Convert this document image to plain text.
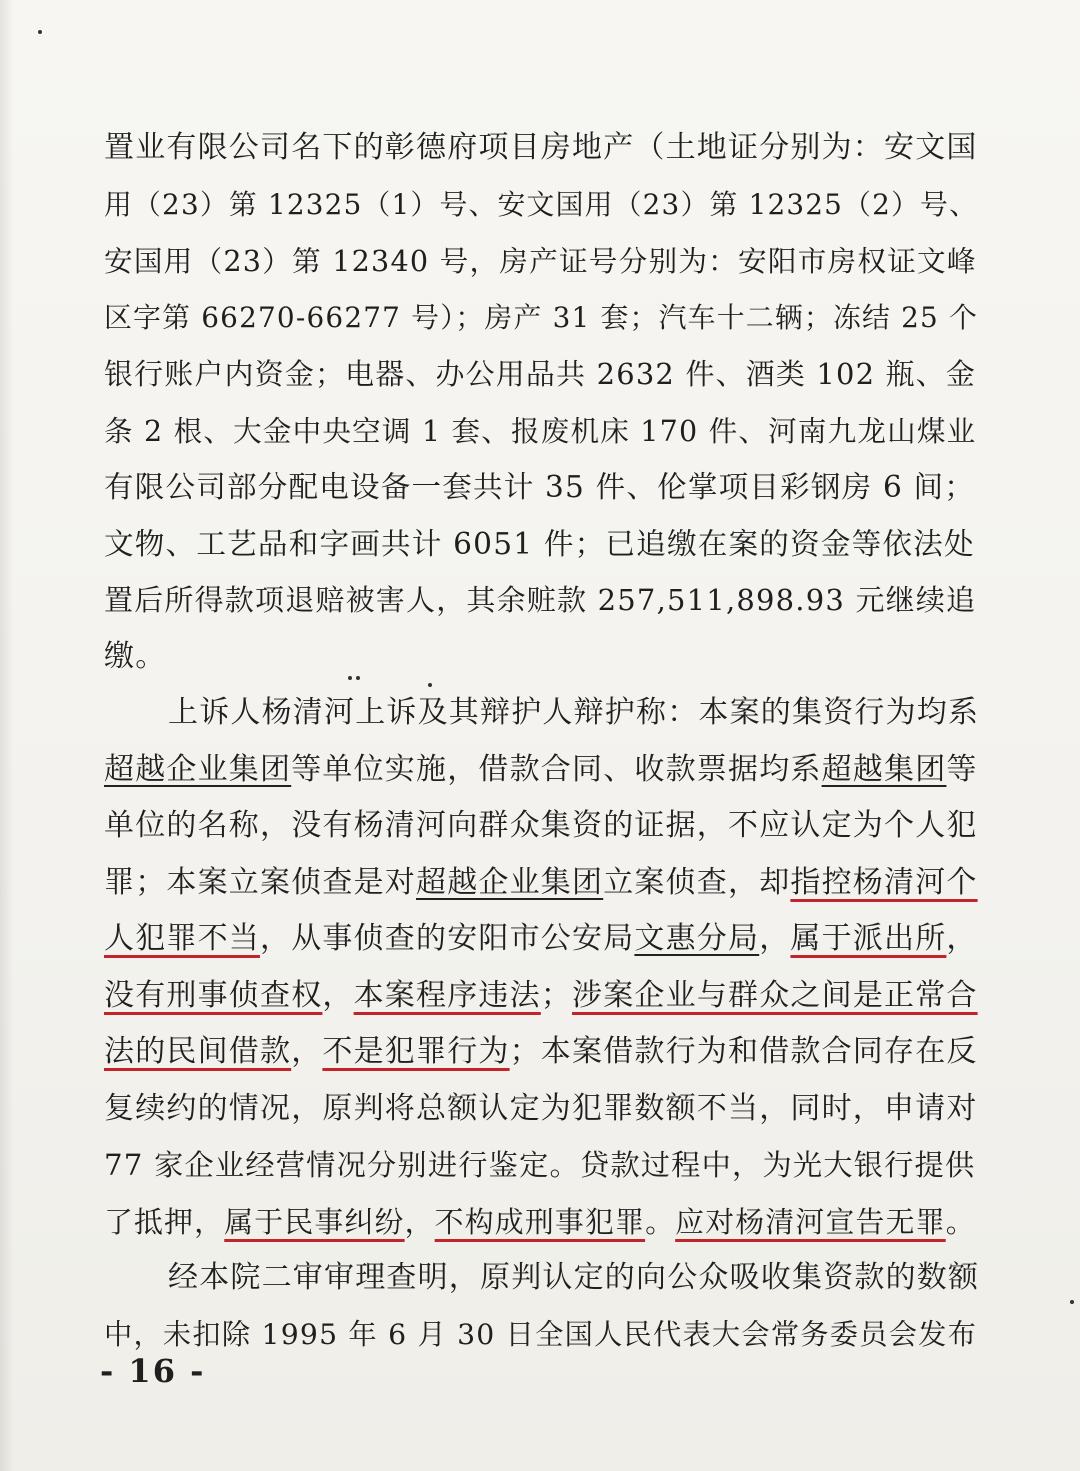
置业有限公司名下的彰德府项目房地产（土地证分别为：安文国
用（23）第 12325（1）号、安文国用（23）第 12325（2）号、
安国用（23）第 12340 号，房产证号分别为：安阳市房权证文峰
区字第 66270-66277 号）；房产 31 套；汽车十二辆；冻结 25 个
银行账户内资金；电器、办公用品共 2632 件、酒类 102 瓶、金
条 2 根、大金中央空调 1 套、报废机床 170 件、河南九龙山煤业
有限公司部分配电设备一套共计 35 件、伦掌项目彩钢房 6 间；
文物、工艺品和字画共计 6051 件；已追缴在案的资金等依法处
置后所得款项退赔被害人，其余赃款 257,511,898.93 元继续追
缴。
上诉人杨清河上诉及其辩护人辩护称：本案的集资行为均系
超越企业集团等单位实施，借款合同、收款票据均系超越集团等
单位的名称，没有杨清河向群众集资的证据，不应认定为个人犯
罪；本案立案侦查是对超越企业集团立案侦查，却指控杨清河个
人犯罪不当，从事侦查的安阳市公安局文惠分局，属于派出所，
没有刑事侦查权，本案程序违法；涉案企业与群众之间是正常合
法的民间借款，不是犯罪行为；本案借款行为和借款合同存在反
复续约的情况，原判将总额认定为犯罪数额不当，同时，申请对
77 家企业经营情况分别进行鉴定。贷款过程中，为光大银行提供
了抵押，属于民事纠纷，不构成刑事犯罪。应对杨清河宣告无罪。
经本院二审审理查明，原判认定的向公众吸收集资款的数额
中，未扣除 1995 年 6 月 30 日全国人民代表大会常务委员会发布
- 16 -
